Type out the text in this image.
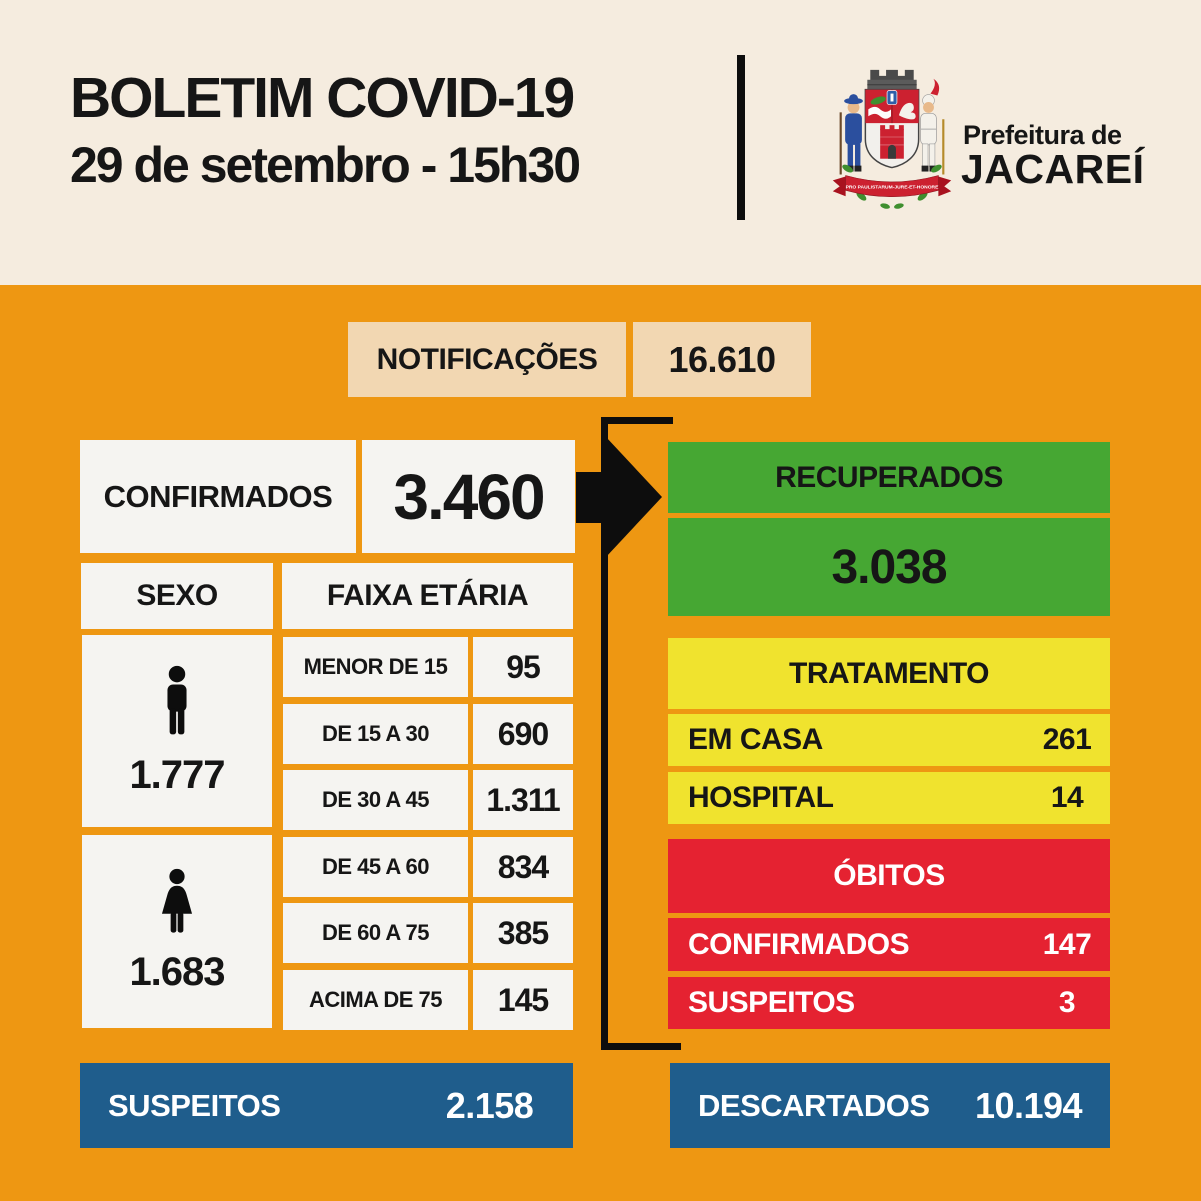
BOLETIM COVID-19
29 de setembro - 15h30	PRO PAULISTARUM-JURE-ET-HONORE
Prefeitura de
JACAREÍ
NOTIFICAÇÕES	16.610
CONFIRMADOS 3.460
SEXO	FAIXA ETÁRIA
1.777
1.683
MENOR DE 15	95
DE 15 A 30	690
DE 30 A 45	1.311
DE 45 A 60	834
DE 60 A 75	385
ACIMA DE 75	145
RECUPERADOS
3.038
TRATAMENTO
EM CASA	261
HOSPITAL	14
ÓBITOS
CONFIRMADOS	147
SUSPEITOS	3
SUSPEITOS	2.158	DESCARTADOS	10.194
